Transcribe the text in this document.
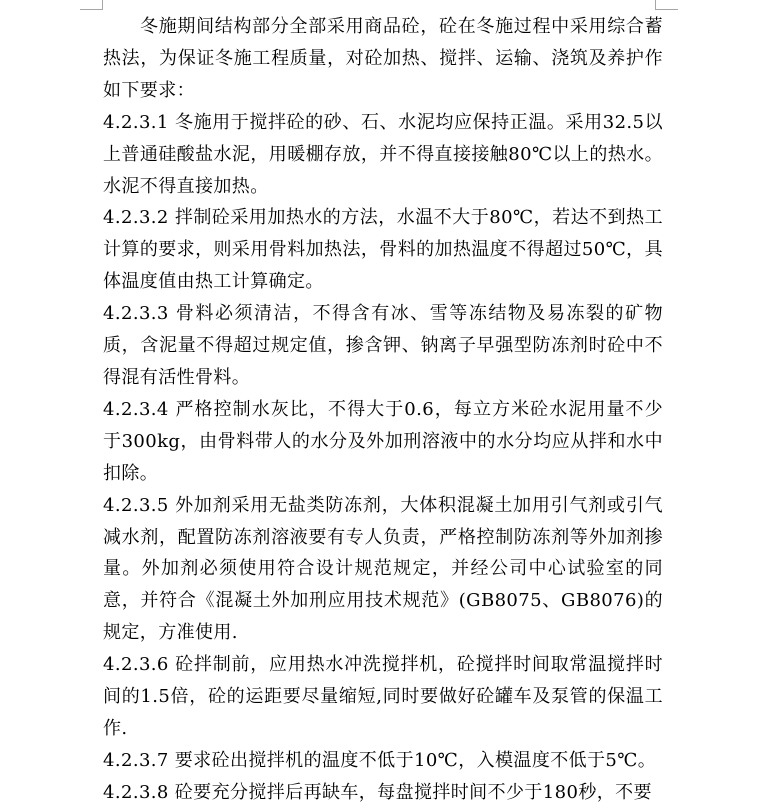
冬施期间结构部分全部采用商品砼，砼在冬施过程中采用综合蓄热法，为保证冬施工程质量，对砼加热、搅拌、运输、浇筑及养护作如下要求：

4.2.3.1 冬施用于搅拌砼的砂、石、水泥均应保持正温。采用32.5以上普通硅酸盐水泥，用暖棚存放，并不得直接接触80℃以上的热水。水泥不得直接加热。

4.2.3.2 拌制砼采用加热水的方法，水温不大于80℃，若达不到热工计算的要求，则采用骨料加热法，骨料的加热温度不得超过50℃，具体温度值由热工计算确定。

4.2.3.3 骨料必须清洁，不得含有冰、雪等冻结物及易冻裂的矿物质，含泥量不得超过规定值，掺含钾、钠离子早强型防冻剂时砼中不得混有活性骨料。

4.2.3.4 严格控制水灰比，不得大于0.6，每立方米砼水泥用量不少于300kg，由骨料带人的水分及外加刑溶液中的水分均应从拌和水中扣除。

4.2.3.5 外加剂采用无盐类防冻剂，大体积混凝土加用引气剂或引气减水剂，配置防冻剂溶液要有专人负责，严格控制防冻剂等外加剂掺量。外加剂必须使用符合设计规范规定，并经公司中心试验室的同意，并符合《混凝土外加刑应用技术规范》(GB8075、GB8076)的规定，方准使用.

4.2.3.6 砼拌制前，应用热水冲洗搅拌机，砼搅拌时间取常温搅拌时间的1.5倍，砼的运距要尽量缩短,同时要做好砼罐车及泵管的保温工作.

4.2.3.7 要求砼出搅拌机的温度不低于10℃，入模温度不低于5℃。

4.2.3.8 砼要充分搅拌后再缺车，每盘搅拌时间不少于180秒，不要
